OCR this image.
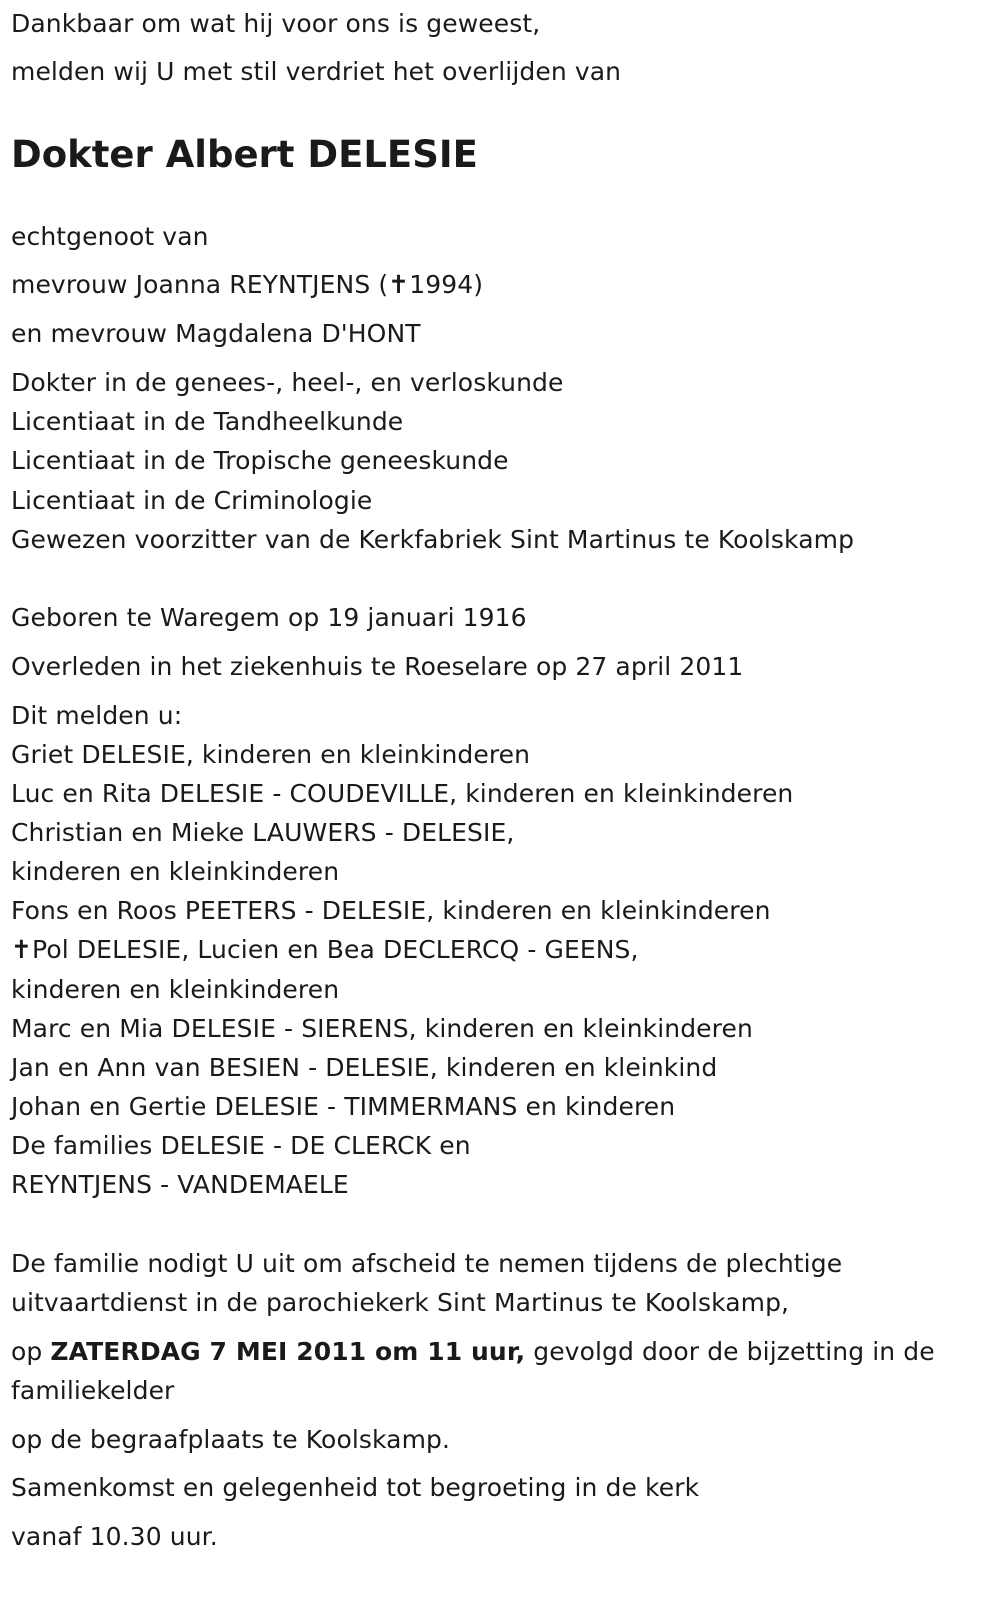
Dankbaar om wat hij voor ons is geweest,
melden wij U met stil verdriet het overlijden van
Dokter Albert DELESIE
echtgenoot van
mevrouw Joanna REYNTJENS (✝1994)
en mevrouw Magdalena D'HONT
Dokter in de genees-, heel-, en verloskunde
Licentiaat in de Tandheelkunde
Licentiaat in de Tropische geneeskunde
Licentiaat in de Criminologie
Gewezen voorzitter van de Kerkfabriek Sint Martinus te Koolskamp
Geboren te Waregem op 19 januari 1916
Overleden in het ziekenhuis te Roeselare op 27 april 2011
Dit melden u:
Griet DELESIE, kinderen en kleinkinderen
Luc en Rita DELESIE - COUDEVILLE, kinderen en kleinkinderen
Christian en Mieke LAUWERS - DELESIE,
kinderen en kleinkinderen
Fons en Roos PEETERS - DELESIE, kinderen en kleinkinderen
✝Pol DELESIE, Lucien en Bea DECLERCQ - GEENS,
kinderen en kleinkinderen
Marc en Mia DELESIE - SIERENS, kinderen en kleinkinderen
Jan en Ann van BESIEN - DELESIE, kinderen en kleinkind
Johan en Gertie DELESIE - TIMMERMANS en kinderen
De families DELESIE - DE CLERCK en
REYNTJENS - VANDEMAELE
De familie nodigt U uit om afscheid te nemen tijdens de plechtige
uitvaartdienst in de parochiekerk Sint Martinus te Koolskamp,
op ZATERDAG 7 MEI 2011 om 11 uur, gevolgd door de bijzetting in de
familiekelder
op de begraafplaats te Koolskamp.
Samenkomst en gelegenheid tot begroeting in de kerk
vanaf 10.30 uur.
